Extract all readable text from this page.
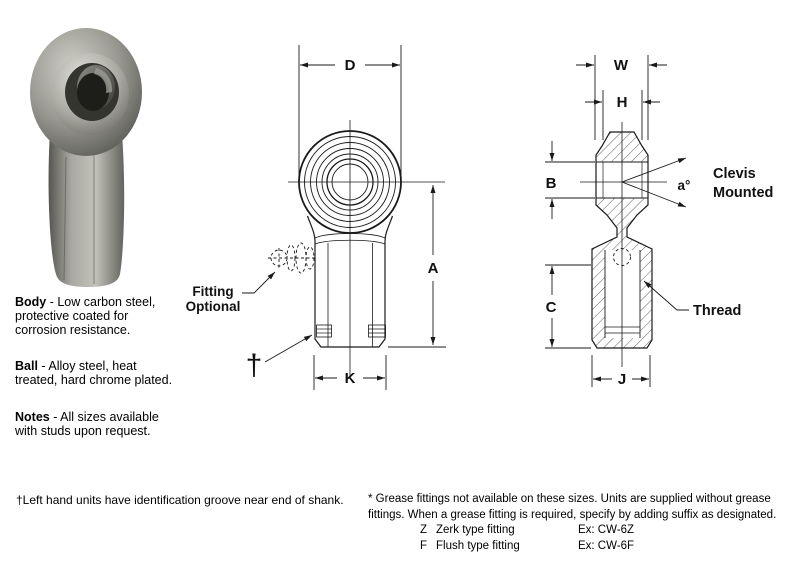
Body - Low carbon steel, protective coated for corrosion resistance.

Ball - Alloy steel, heat treated, hard chrome plated.

Notes - All sizes available with studs upon request.

D
A
K
Fitting
Optional
†
W
H
B
C
J
a°
Clevis
Mounted
Thread
†Left hand units have identification groove near end of shank. * Grease fittings not available on these sizes. Units are supplied without grease fittings. When a grease fitting is required, specify by adding suffix as designated.
Z Zerk type fitting	Ex: CW-6Z
F Flush type fitting	Ex: CW-6F
